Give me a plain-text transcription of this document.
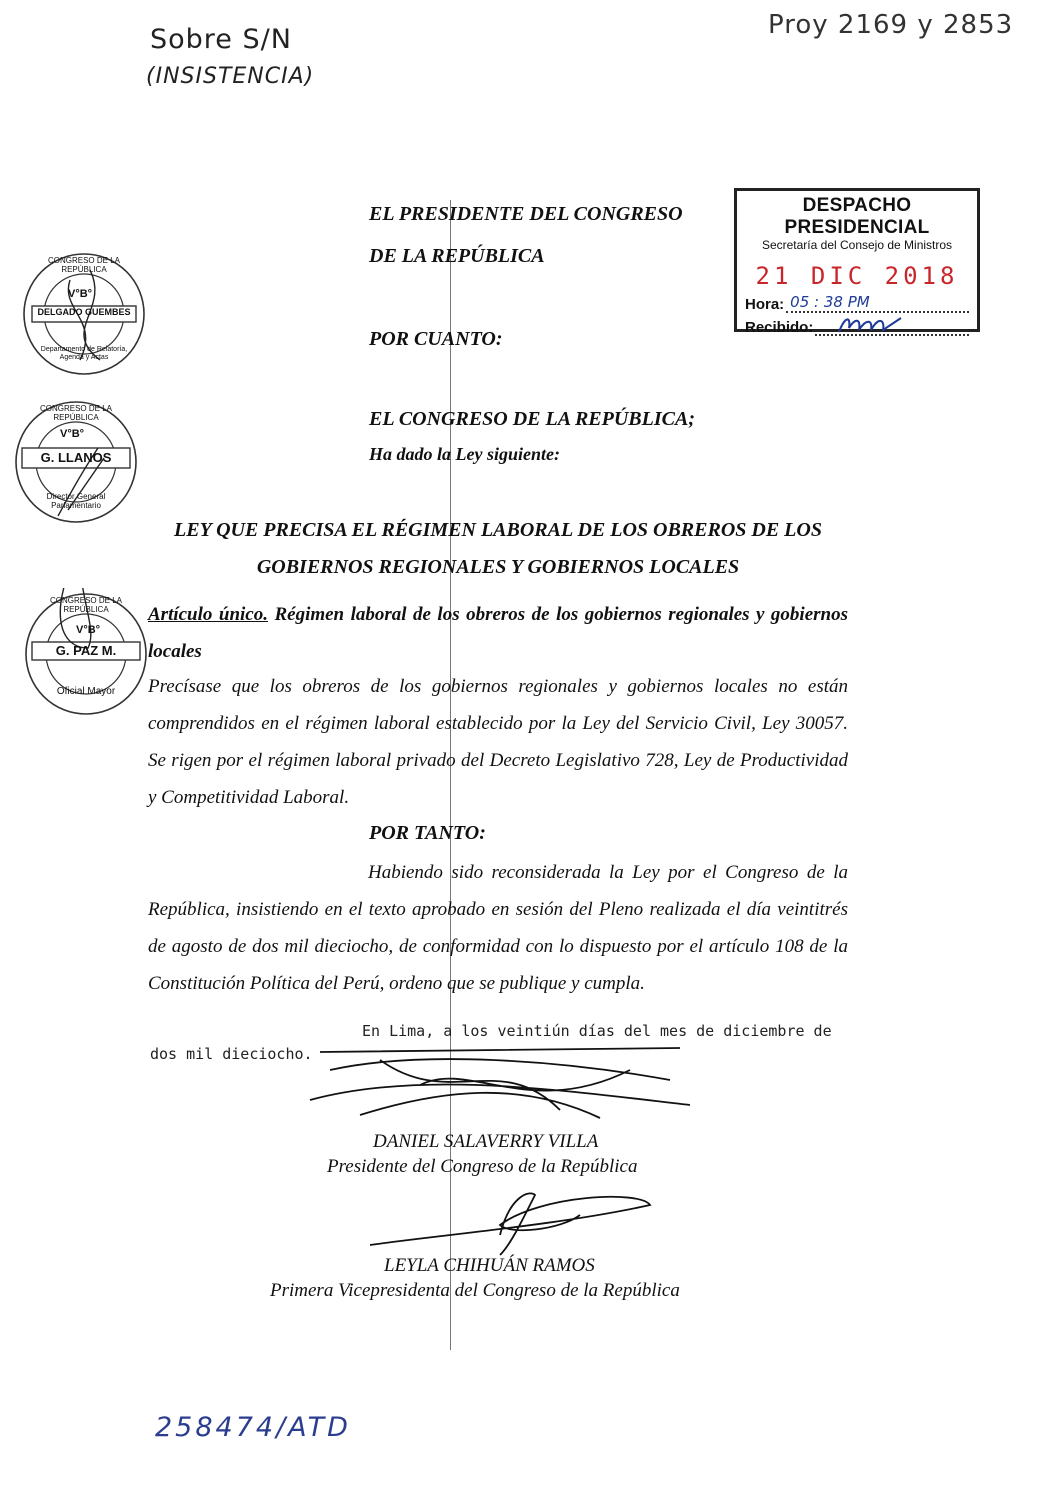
Sobre S/N
(INSISTENCIA)
Proy 2169 y 2853
258474/ATD
DESPACHO PRESIDENCIAL
Secretaría del Consejo de Ministros
21 DIC 2018
Hora: 05 : 38 PM
Recibido:
V°B°
DELGADO GUEMBES
CONGRESO DE LA REPÚBLICA
Departamento de Relatoría, Agenda y Actas
V°B°
G. LLANOS
CONGRESO DE LA REPÚBLICA
Director General Parlamentario
V°B°
G. PAZ M.
CONGRESO DE LA REPÚBLICA
Oficial Mayor
EL PRESIDENTE DEL CONGRESO
DE LA REPÚBLICA
POR CUANTO:
EL CONGRESO DE LA REPÚBLICA;
Ha dado la Ley siguiente:
LEY QUE PRECISA EL RÉGIMEN LABORAL DE LOS OBREROS DE LOS
GOBIERNOS REGIONALES Y GOBIERNOS LOCALES
Artículo único. Régimen laboral de los obreros de los gobiernos regionales y gobiernos locales
Precísase que los obreros de los gobiernos regionales y gobiernos locales no están comprendidos en el régimen laboral establecido por la Ley del Servicio Civil, Ley 30057. Se rigen por el régimen laboral privado del Decreto Legislativo 728, Ley de Productividad y Competitividad Laboral.
POR TANTO:
Habiendo sido reconsiderada la Ley por el Congreso de la República, insistiendo en el texto aprobado en sesión del Pleno realizada el día veintitrés de agosto de dos mil dieciocho, de conformidad con lo dispuesto por el artículo 108 de la Constitución Política del Perú, ordeno que se publique y cumpla.
En Lima, a los veintiún días del mes de diciembre de
dos mil dieciocho.
DANIEL SALAVERRY VILLA
Presidente del Congreso de la República
LEYLA CHIHUÁN RAMOS
Primera Vicepresidenta del Congreso de la República
